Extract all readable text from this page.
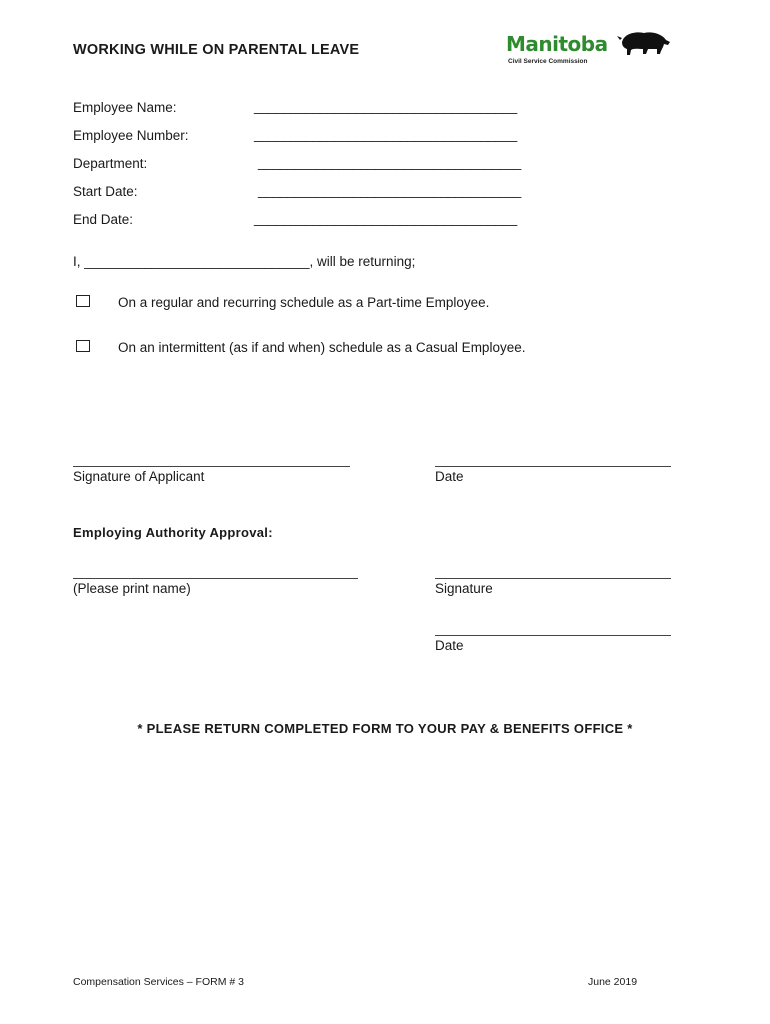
WORKING WHILE ON PARENTAL LEAVE	Manitoba
Civil Service Commission
Employee Name:	____________________________________
Employee Number:	____________________________________
Department:	____________________________________
Start Date:	____________________________________
End Date:	____________________________________
I, ______________________________, will be returning;
On a regular and recurring schedule as a Part-time Employee.
On an intermittent (as if and when) schedule as a Casual Employee.
Signature of Applicant	Date
Employing Authority Approval:
(Please print name)	Signature
Date
* PLEASE RETURN COMPLETED FORM TO YOUR PAY & BENEFITS OFFICE *
Compensation Services – FORM # 3	June 2019
